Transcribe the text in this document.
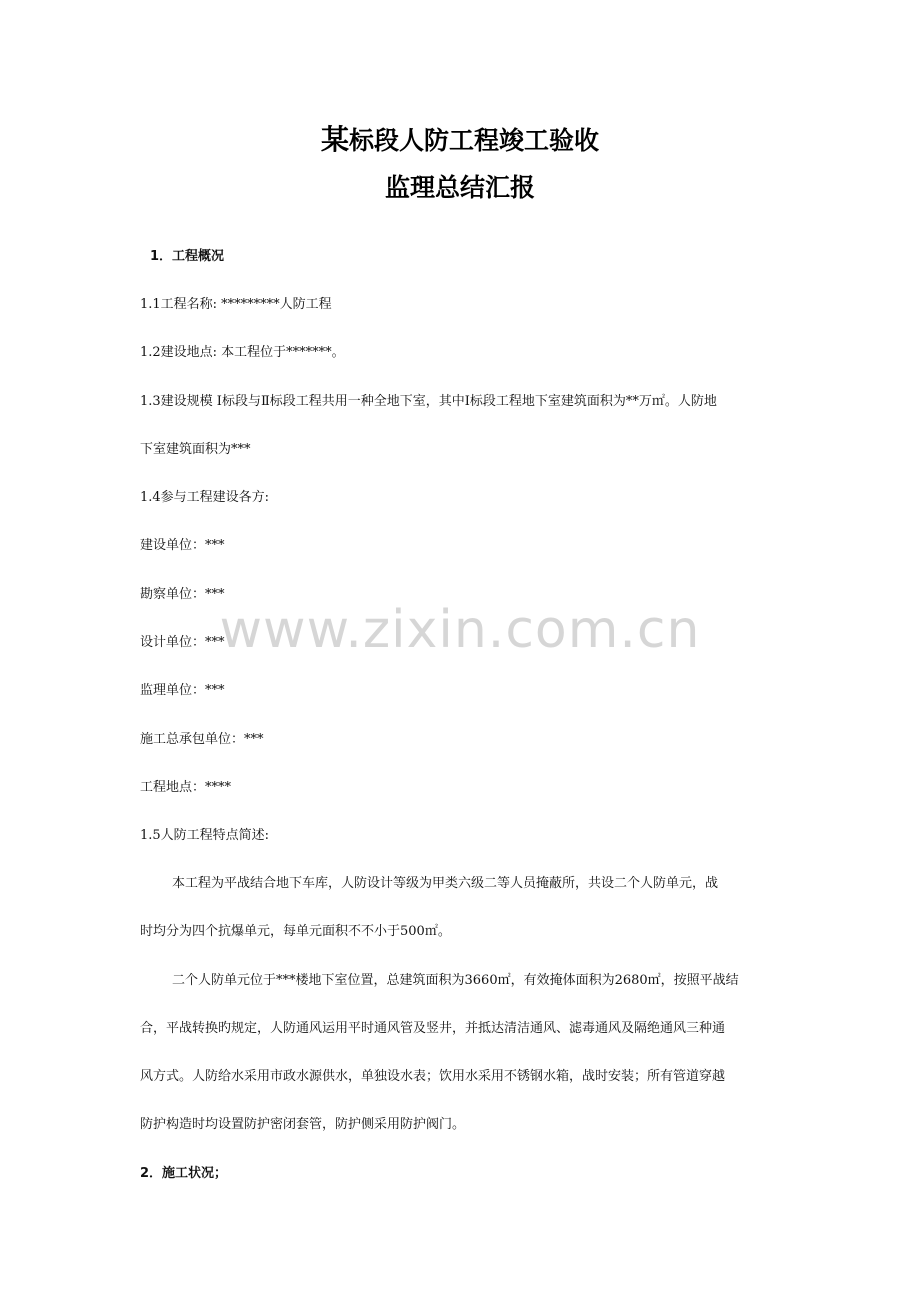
某标段人防工程竣工验收
监理总结汇报
1．工程概况
1.1工程名称: *********人防工程
1.2建设地点: 本工程位于*******。
1.3建设规模 Ⅰ标段与Ⅱ标段工程共用一种全地下室，其中Ⅰ标段工程地下室建筑面积为**万㎡。人防地
下室建筑面积为***
1.4参与工程建设各方:
建设单位：***
勘察单位：***
设计单位：***
监理单位：***
施工总承包单位：***
工程地点：****
1.5人防工程特点简述:
本工程为平战结合地下车库，人防设计等级为甲类六级二等人员掩蔽所，共设二个人防单元，战
时均分为四个抗爆单元，每单元面积不不小于500㎡。
二个人防单元位于***楼地下室位置，总建筑面积为3660㎡，有效掩体面积为2680㎡，按照平战结
合，平战转换旳规定，人防通风运用平时通风管及竖井，并抵达清洁通风、滤毒通风及隔绝通风三种通
风方式。人防给水采用市政水源供水，单独设水表；饮用水采用不锈钢水箱，战时安装；所有管道穿越
防护构造时均设置防护密闭套管，防护侧采用防护阀门。
2．施工状况；
www.zixin.com.cn
